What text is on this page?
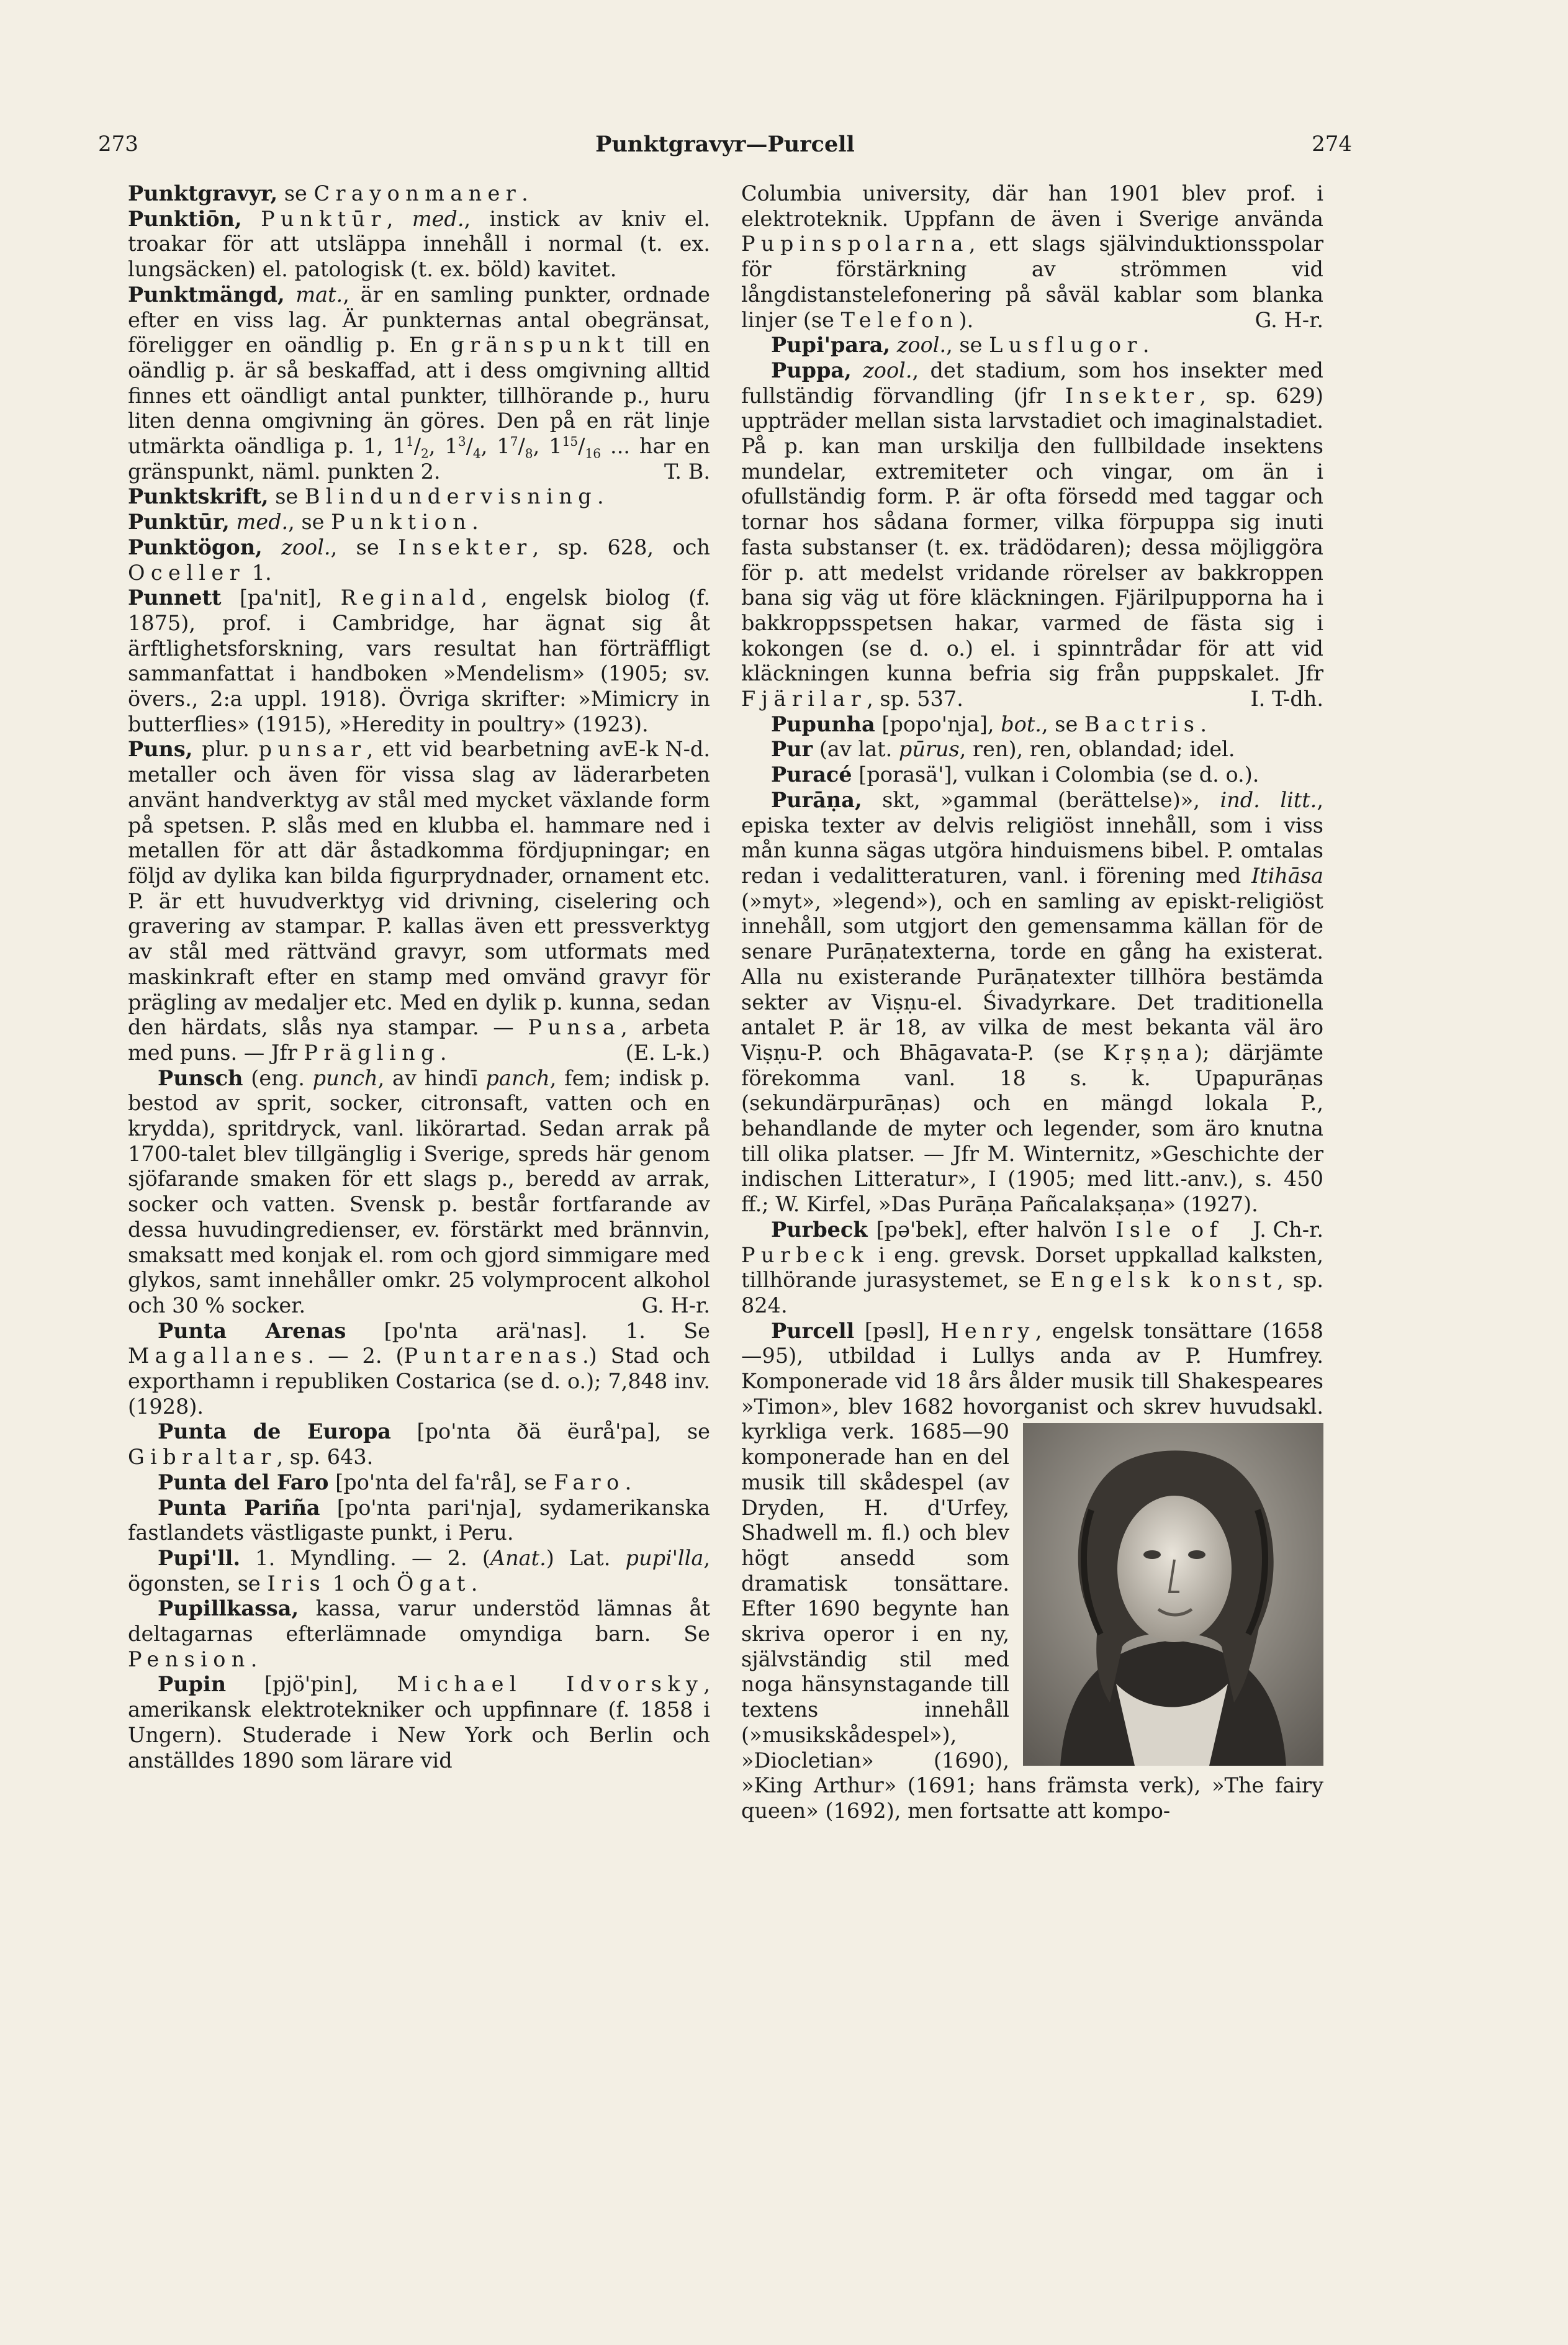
273	Punktgravyr—Purcell	274

Punktgravyr, se Crayonmaner.

Punktiōn, Punktūr, med., instick av kniv el. troakar för att utsläppa innehåll i normal (t. ex. lungsäcken) el. patologisk (t. ex. böld) kavitet.

Punktmängd, mat., är en samling punkter, ordnade efter en viss lag. Är punkternas antal obegränsat, föreligger en oändlig p. En gränspunkt till en oändlig p. är så beskaffad, att i dess omgivning alltid finnes ett oändligt antal punkter, tillhörande p., huru liten denna omgivning än göres. Den på en rät linje utmärkta oändliga p. 1, $1^1/_2$, $1^3/_4$, $1^7/_8$, $1^{15}/_{16}$ ... har en gränspunkt, näml. punkten 2.	T. B.

Punktskrift, se Blindundervisning.

Punktūr, med., se Punktion.

Punktögon, zool., se Insekter, sp. 628, och Oceller 1.

Punnett [pa'nit], Reginald, engelsk biolog (f. 1875), prof. i Cambridge, har ägnat sig åt ärftlighetsforskning, vars resultat han förträffligt sammanfattat i handboken »Mendelism» (1905; sv. övers., 2:a uppl. 1918). Övriga skrifter: »Mimicry in butterflies» (1915), »Heredity in poultry» (1923).
E-k N-d.

Puns, plur. punsar, ett vid bearbetning av metaller och även för vissa slag av läderarbeten använt handverktyg av stål med mycket växlande form på spetsen. P. slås med en klubba el. hammare ned i metallen för att där åstadkomma fördjupningar; en följd av dylika kan bilda figurprydnader, ornament etc. P. är ett huvudverktyg vid drivning, ciselering och gravering av stampar. P. kallas även ett pressverktyg av stål med rättvänd gravyr, som utformats med maskinkraft efter en stamp med omvänd gravyr för prägling av medaljer etc. Med en dylik p. kunna, sedan den härdats, slås nya stampar. — Punsa, arbeta med puns. — Jfr Prägling.	(E. L-k.)

Punsch (eng. punch, av hindī panch, fem; indisk p. bestod av sprit, socker, citronsaft, vatten och en krydda), spritdryck, vanl. likörartad. Sedan arrak på 1700-talet blev tillgänglig i Sverige, spreds här genom sjöfarande smaken för ett slags p., beredd av arrak, socker och vatten. Svensk p. består fortfarande av dessa huvudingredienser, ev. förstärkt med brännvin, smaksatt med konjak el. rom och gjord simmigare med glykos, samt innehåller omkr. 25 volymprocent alkohol och 30 % socker.	G. H-r.

Punta Arenas [po'nta arä'nas]. 1. Se Magallanes. — 2. (Puntarenas.) Stad och exporthamn i republiken Costarica (se d. o.); 7,848 inv. (1928).

Punta de Europa [po'nta ðä ëurå'pa], se Gibraltar, sp. 643.

Punta del Faro [po'nta del fa'rå], se Faro.

Punta Pariña [po'nta pari'nja], sydamerikanska fastlandets västligaste punkt, i Peru.

Pupi'll. 1. Myndling. — 2. (Anat.) Lat. pupi'lla, ögonsten, se Iris 1 och Ögat.

Pupillkassa, kassa, varur understöd lämnas åt deltagarnas efterlämnade omyndiga barn. Se Pension.

Pupin [pjö'pin], Michael Idvorsky, amerikansk elektrotekniker och uppfinnare (f. 1858 i Ungern). Studerade i New York och Berlin och anställdes 1890 som lärare vid

Columbia university, där han 1901 blev prof. i elektroteknik. Uppfann de även i Sverige använda Pupinspolarna, ett slags självinduktionsspolar för förstärkning av strömmen vid långdistanstelefonering på såväl kablar som blanka linjer (se Telefon).	G. H-r.

Pupi'para, zool., se Lusflugor.

Puppa, zool., det stadium, som hos insekter med fullständig förvandling (jfr Insekter, sp. 629) uppträder mellan sista larvstadiet och imaginalstadiet. På p. kan man urskilja den fullbildade insektens mundelar, extremiteter och vingar, om än i ofullständig form. P. är ofta försedd med taggar och tornar hos sådana former, vilka förpuppa sig inuti fasta substanser (t. ex. trädödaren); dessa möjliggöra för p. att medelst vridande rörelser av bakkroppen bana sig väg ut före kläckningen. Fjärilpupporna ha i bakkroppsspetsen hakar, varmed de fästa sig i kokongen (se d. o.) el. i spinntrådar för att vid kläckningen kunna befria sig från puppskalet. Jfr Fjärilar, sp. 537.	I. T-dh.

Pupunha [popo'nja], bot., se Bactris.

Pur (av lat. pūrus, ren), ren, oblandad; idel.

Puracé [porasä'], vulkan i Colombia (se d. o.).

Purāṇa, skt, »gammal (berättelse)», ind. litt., episka texter av delvis religiöst innehåll, som i viss mån kunna sägas utgöra hinduismens bibel. P. omtalas redan i vedalitteraturen, vanl. i förening med Itihāsa (»myt», »legend»), och en samling av episkt-religiöst innehåll, som utgjort den gemensamma källan för de senare Purāṇatexterna, torde en gång ha existerat. Alla nu existerande Purāṇatexter tillhöra bestämda sekter av Viṣṇu-el. Śivadyrkare. Det traditionella antalet P. är 18, av vilka de mest bekanta väl äro Viṣṇu-P. och Bhāgavata-P. (se Kṛṣṇa); därjämte förekomma vanl. 18 s. k. Upapurāṇas (sekundärpurāṇas) och en mängd lokala P., behandlande de myter och legender, som äro knutna till olika platser. — Jfr M. Winternitz, »Geschichte der indischen Litteratur», I (1905; med litt.-anv.), s. 450 ff.; W. Kirfel, »Das Purāṇa Pañcalakṣaṇa» (1927).
J. Ch-r.

Purbeck [pə'bek], efter halvön Isle of Purbeck i eng. grevsk. Dorset uppkallad kalksten, tillhörande jurasystemet, se Engelsk konst, sp. 824.

Purcell [pəsl], Henry, engelsk tonsättare (1658—95), utbildad i Lullys anda av P. Humfrey. Komponerade vid 18 års ålder musik till Shakespeares »Timon», blev 1682 hovorganist och skrev
huvudsakl. kyrkliga verk. 1685—90 komponerade han en del musik till skådespel (av Dryden, H. d'Urfey, Shadwell m. fl.) och blev högt ansedd som dramatisk tonsättare. Efter 1690 begynte han skriva operor i en ny, självständig stil med noga hänsynstagande till textens innehåll (»musikskådespel»), »Diocletian» (1690), »King Arthur» (1691; hans främsta verk), »The fairy queen» (1692), men fortsatte att kompo-
